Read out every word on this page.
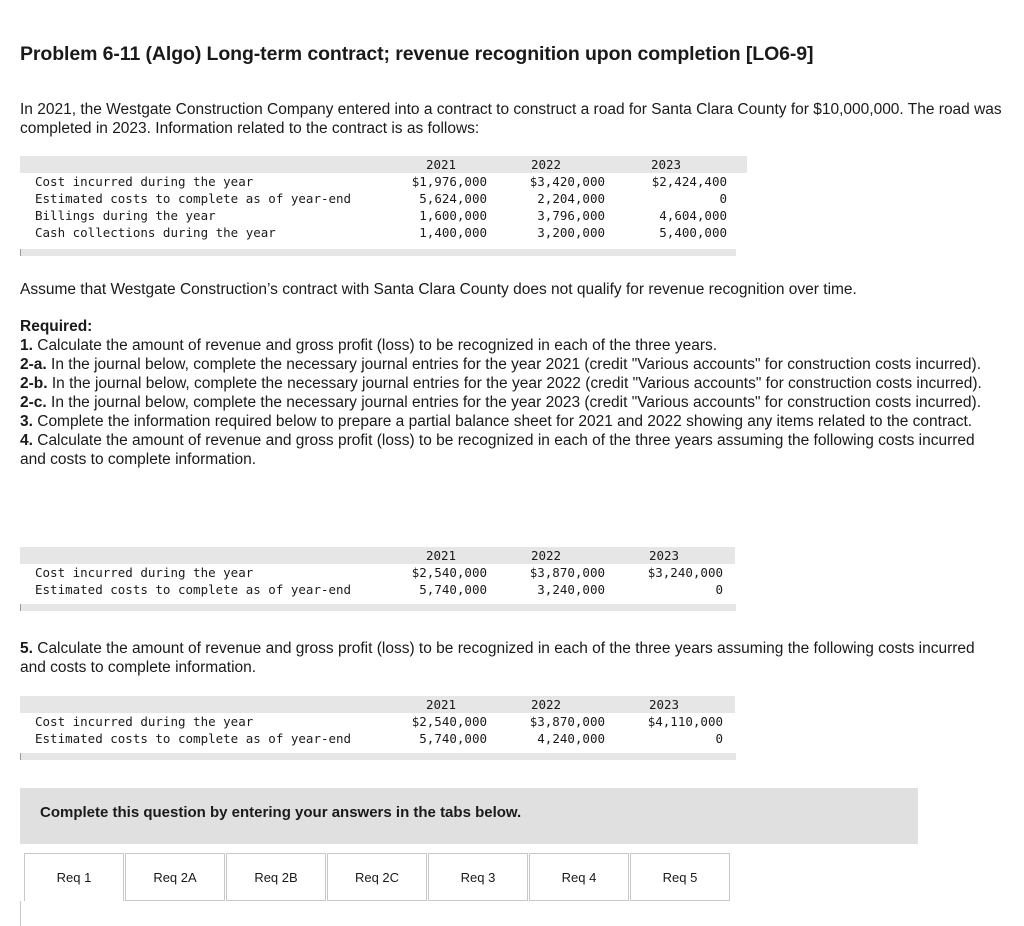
Problem 6-11 (Algo) Long-term contract; revenue recognition upon completion [LO6-9]
In 2021, the Westgate Construction Company entered into a contract to construct a road for Santa Clara County for $10,000,000. The road was completed in 2023. Information related to the contract is as follows:
	2021	2022	2023	
Cost incurred during the year	$1,976,000	$3,420,000	$2,424,400	
Estimated costs to complete as of year-end	5,624,000	2,204,000	0	
Billings during the year	1,600,000	3,796,000	4,604,000	
Cash collections during the year	1,400,000	3,200,000	5,400,000	
Assume that Westgate Construction’s contract with Santa Clara County does not qualify for revenue recognition over time.

Required:

1. Calculate the amount of revenue and gross profit (loss) to be recognized in each of the three years.

2-a. In the journal below, complete the necessary journal entries for the year 2021 (credit "Various accounts" for construction costs incurred).

2-b. In the journal below, complete the necessary journal entries for the year 2022 (credit "Various accounts" for construction costs incurred).

2-c. In the journal below, complete the necessary journal entries for the year 2023 (credit "Various accounts" for construction costs incurred).

3. Complete the information required below to prepare a partial balance sheet for 2021 and 2022 showing any items related to the contract.

4. Calculate the amount of revenue and gross profit (loss) to be recognized in each of the three years assuming the following costs incurred and costs to complete information.

	2021	2022	2023	
Cost incurred during the year	$2,540,000	$3,870,000	$3,240,000	
Estimated costs to complete as of year-end	5,740,000	3,240,000	0	
5. Calculate the amount of revenue and gross profit (loss) to be recognized in each of the three years assuming the following costs incurred and costs to complete information.
	2021	2022	2023	
Cost incurred during the year	$2,540,000	$3,870,000	$4,110,000	
Estimated costs to complete as of year-end	5,740,000	4,240,000	0	
Complete this question by entering your answers in the tabs below.
Req 1	Req 2A	Req 2B	Req 2C	Req 3	Req 4	Req 5
